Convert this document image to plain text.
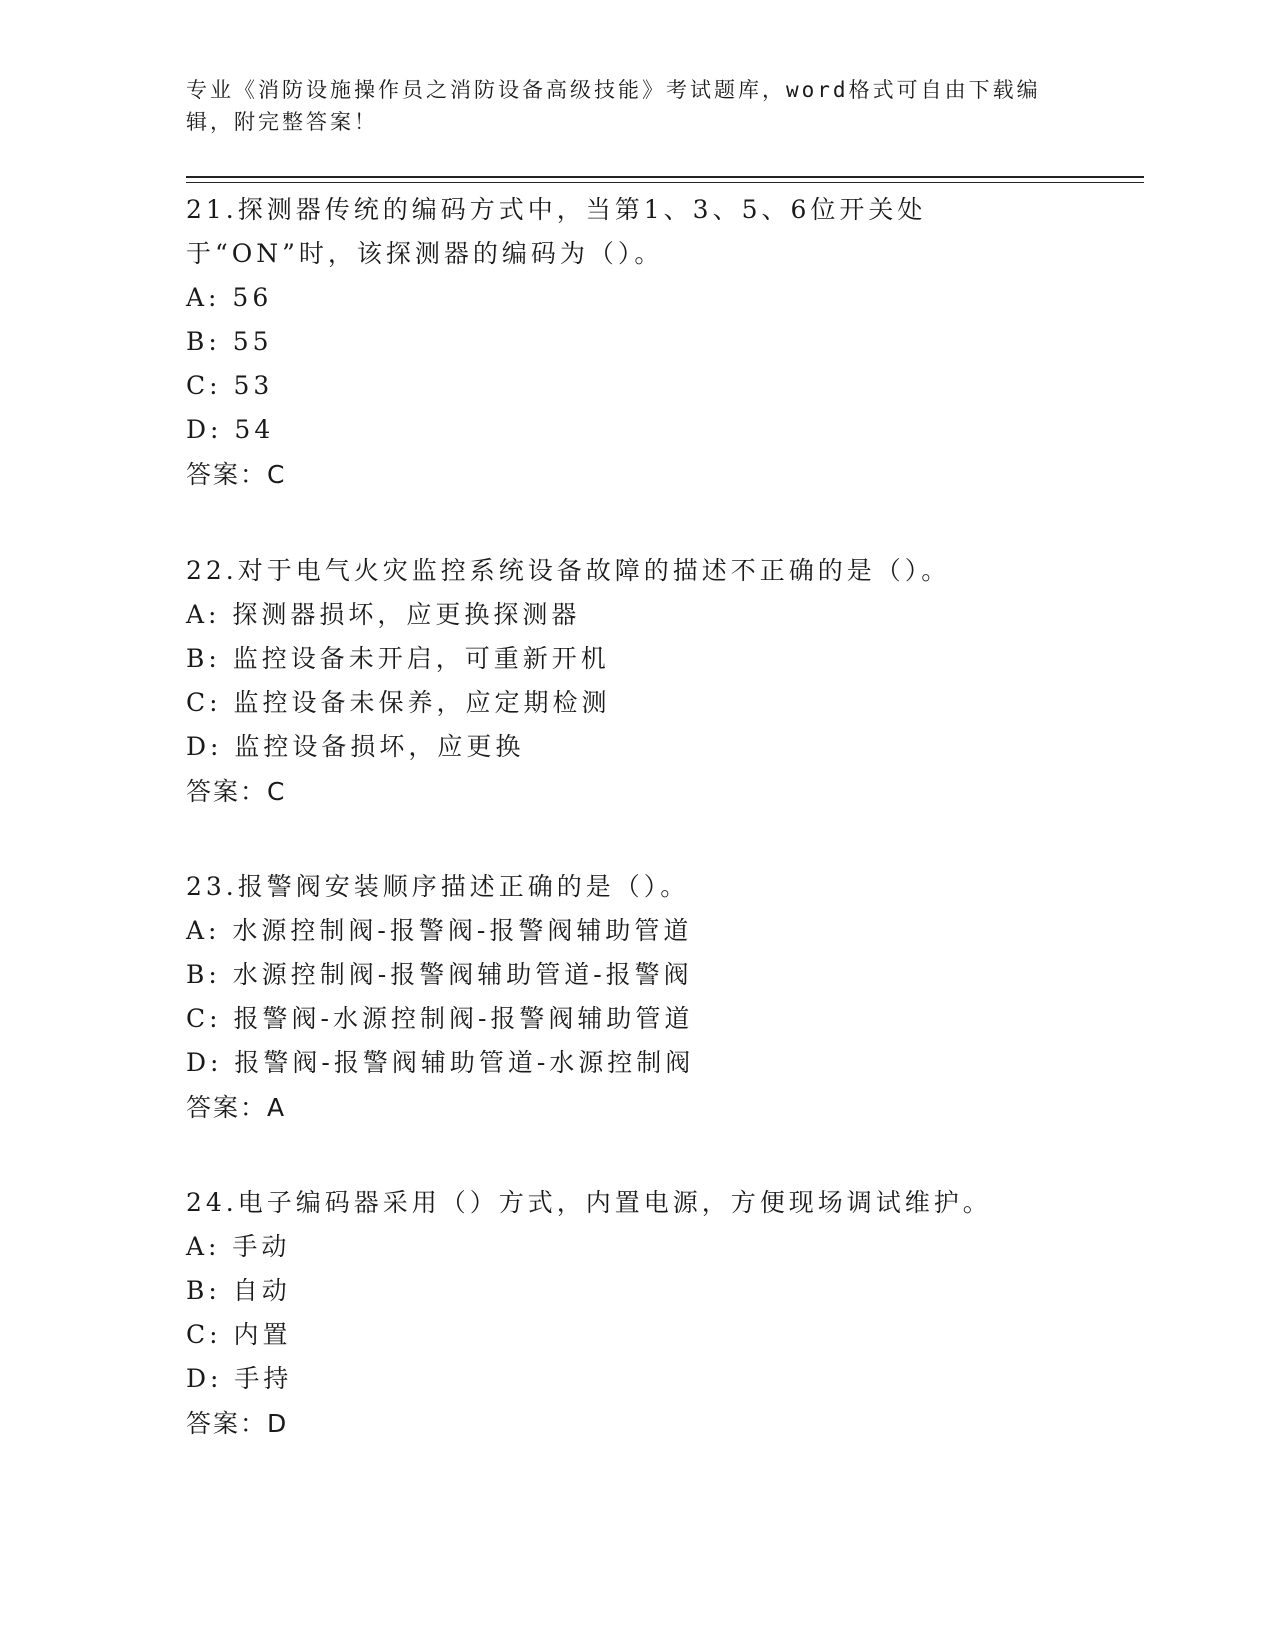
专业《消防设施操作员之消防设备高级技能》考试题库，word格式可自由下载编辑，附完整答案！

21.探测器传统的编码方式中，当第1、3、5、6位开关处于“ON”时，该探测器的编码为（）。

A: 56

B: 55

C: 53

D: 54

答案：C

22.对于电气火灾监控系统设备故障的描述不正确的是（）。

A: 探测器损坏，应更换探测器

B: 监控设备未开启，可重新开机

C: 监控设备未保养，应定期检测

D: 监控设备损坏，应更换

答案：C

23.报警阀安装顺序描述正确的是（）。

A: 水源控制阀-报警阀-报警阀辅助管道

B: 水源控制阀-报警阀辅助管道-报警阀

C: 报警阀-水源控制阀-报警阀辅助管道

D: 报警阀-报警阀辅助管道-水源控制阀

答案：A

24.电子编码器采用（）方式，内置电源，方便现场调试维护。

A: 手动

B: 自动

C: 内置

D: 手持

答案：D
